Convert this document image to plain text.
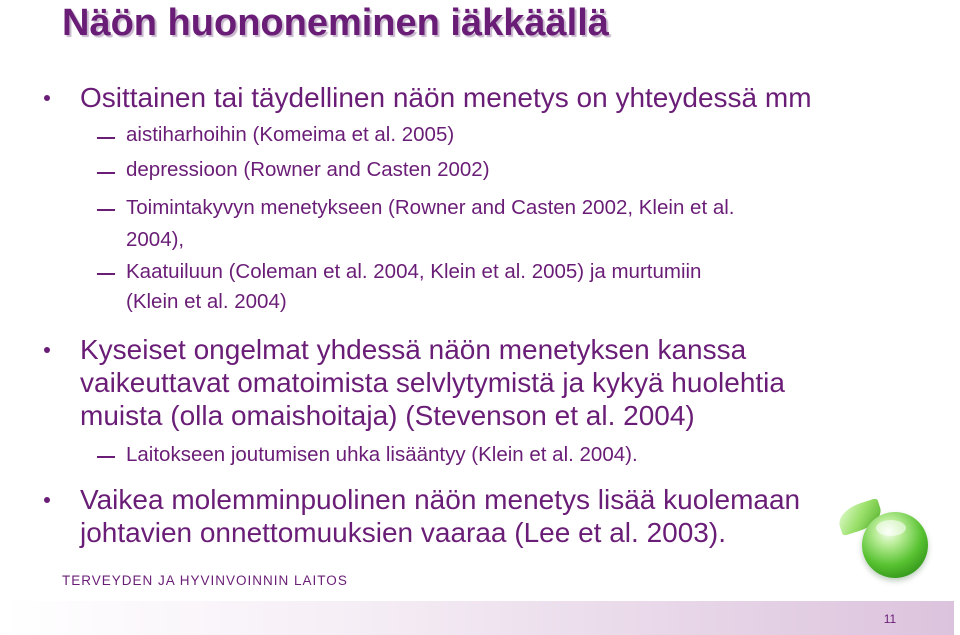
Näön huononeminen iäkkäällä
Osittainen tai täydellinen näön menetys on yhteydessä mm
aistiharhoihin (Komeima et al. 2005)
depressioon (Rowner and Casten 2002)
Toimintakyvyn menetykseen (Rowner and Casten 2002, Klein et al.
2004),
Kaatuiluun (Coleman et al. 2004, Klein et al. 2005) ja murtumiin
(Klein et al. 2004)
Kyseiset ongelmat yhdessä näön menetyksen kanssa
vaikeuttavat omatoimista selvlytymistä ja kykyä huolehtia
muista (olla omaishoitaja) (Stevenson et al. 2004)
Laitokseen joutumisen uhka lisääntyy (Klein et al. 2004).
Vaikea molemminpuolinen näön menetys lisää kuolemaan
johtavien onnettomuuksien vaaraa (Lee et al. 2003).
TERVEYDEN JA HYVINVOINNIN LAITOS
11
